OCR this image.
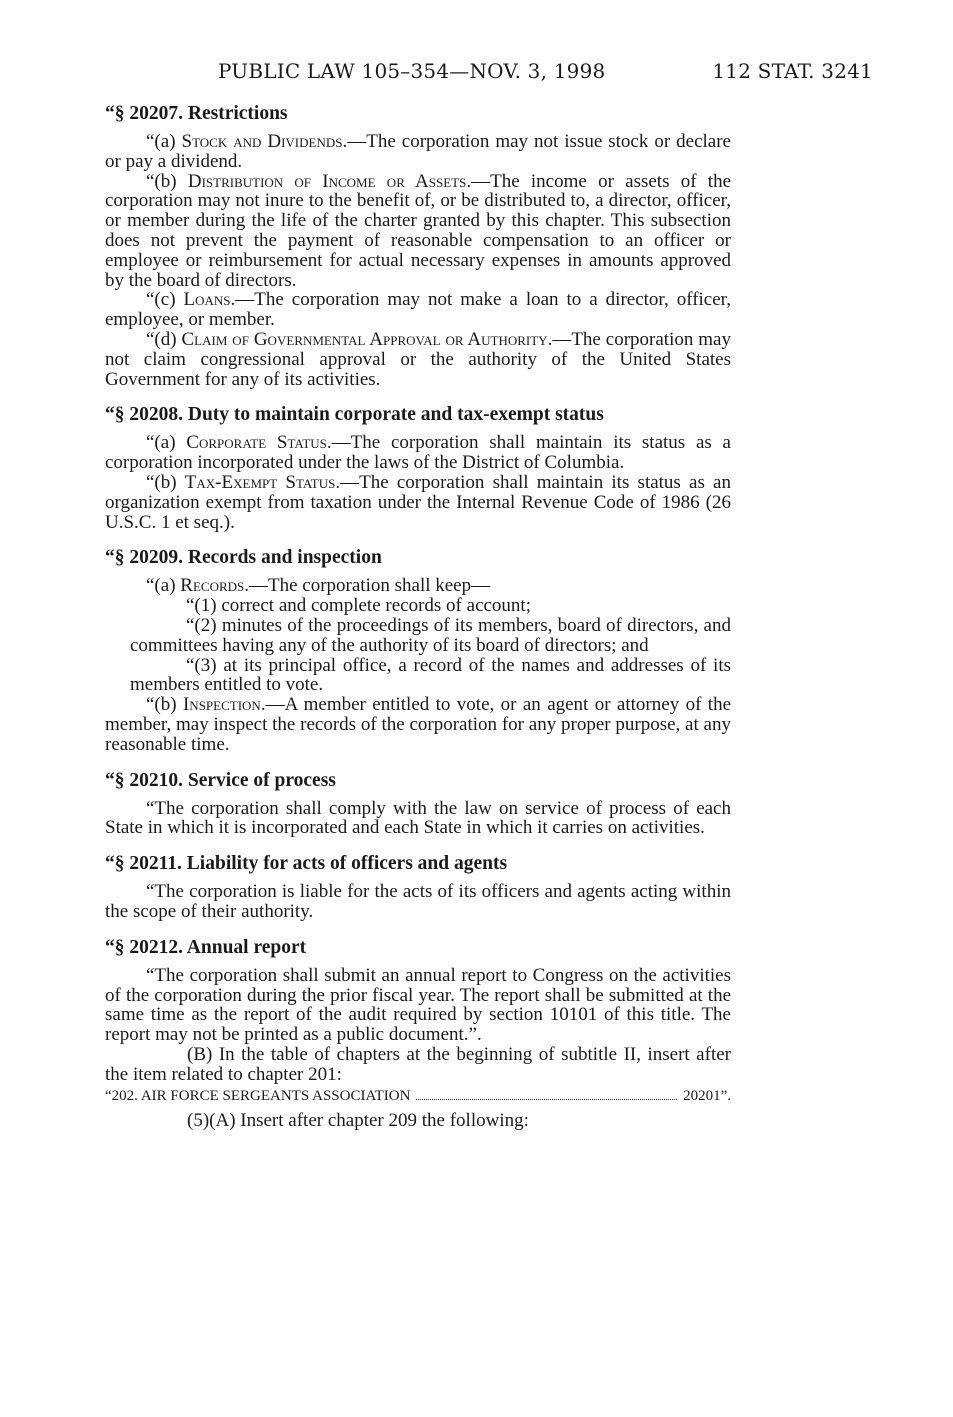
PUBLIC LAW 105–354—NOV. 3, 1998	112 STAT. 3241
“§ 20207. Restrictions

“(a) Stock and Dividends.—The corporation may not issue stock or declare or pay a dividend.

“(b) Distribution of Income or Assets.—The income or assets of the corporation may not inure to the benefit of, or be distributed to, a director, officer, or member during the life of the charter granted by this chapter. This subsection does not prevent the payment of reasonable compensation to an officer or employee or reimbursement for actual necessary expenses in amounts approved by the board of directors.

“(c) Loans.—The corporation may not make a loan to a director, officer, employee, or member.

“(d) Claim of Governmental Approval or Authority.—The corporation may not claim congressional approval or the authority of the United States Government for any of its activities.

“§ 20208. Duty to maintain corporate and tax-exempt status

“(a) Corporate Status.—The corporation shall maintain its status as a corporation incorporated under the laws of the District of Columbia.

“(b) Tax-Exempt Status.—The corporation shall maintain its status as an organization exempt from taxation under the Internal Revenue Code of 1986 (26 U.S.C. 1 et seq.).

“§ 20209. Records and inspection

“(a) Records.—The corporation shall keep—

“(1) correct and complete records of account;

“(2) minutes of the proceedings of its members, board of directors, and committees having any of the authority of its board of directors; and

“(3) at its principal office, a record of the names and addresses of its members entitled to vote.

“(b) Inspection.—A member entitled to vote, or an agent or attorney of the member, may inspect the records of the corporation for any proper purpose, at any reasonable time.

“§ 20210. Service of process

“The corporation shall comply with the law on service of process of each State in which it is incorporated and each State in which it carries on activities.

“§ 20211. Liability for acts of officers and agents

“The corporation is liable for the acts of its officers and agents acting within the scope of their authority.

“§ 20212. Annual report

“The corporation shall submit an annual report to Congress on the activities of the corporation during the prior fiscal year. The report shall be submitted at the same time as the report of the audit required by section 10101 of this title. The report may not be printed as a public document.”.

(B) In the table of chapters at the beginning of subtitle II, insert after the item related to chapter 201:

“202. AIR FORCE SERGEANTS ASSOCIATION	20201”.

(5)(A) Insert after chapter 209 the following:
